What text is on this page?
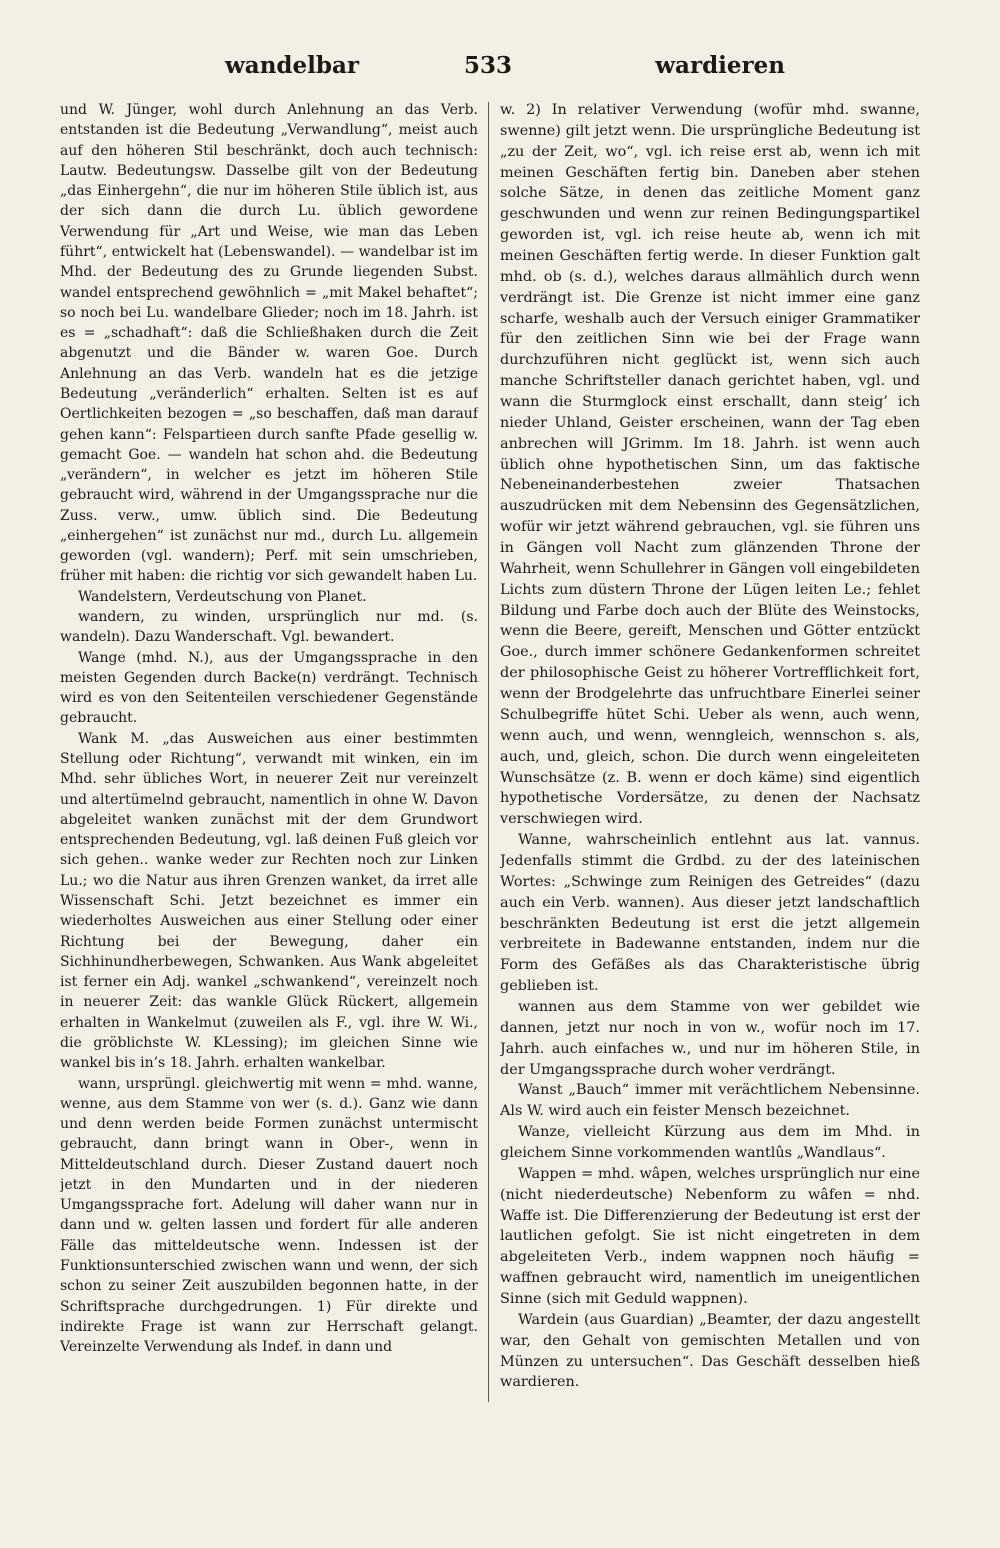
wandelbar	533	wardieren

und W. Jünger, wohl durch Anlehnung an das Verb. entstanden ist die Bedeutung „Verwandlung“, meist auch auf den höheren Stil beschränkt, doch auch technisch: Lautw. Bedeutungsw. Dasselbe gilt von der Bedeutung „das Einhergehn“, die nur im höheren Stile üblich ist, aus der sich dann die durch Lu. üblich gewordene Verwendung für „Art und Weise, wie man das Leben führt“, entwickelt hat (Lebenswandel). — wandelbar ist im Mhd. der Bedeutung des zu Grunde liegenden Subst. wandel entsprechend gewöhnlich = „mit Makel behaftet“; so noch bei Lu. wandelbare Glieder; noch im 18. Jahrh. ist es = „schadhaft“: daß die Schließhaken durch die Zeit abgenutzt und die Bänder w. waren Goe. Durch Anlehnung an das Verb. wandeln hat es die jetzige Bedeutung „veränderlich“ erhalten. Selten ist es auf Oertlichkeiten bezogen = „so beschaffen, daß man darauf gehen kann“: Felspartieen durch sanfte Pfade gesellig w. gemacht Goe. — wandeln hat schon ahd. die Bedeutung „verändern“, in welcher es jetzt im höheren Stile gebraucht wird, während in der Umgangssprache nur die Zuss. verw., umw. üblich sind. Die Bedeutung „einhergehen“ ist zunächst nur md., durch Lu. allgemein geworden (vgl. wandern); Perf. mit sein umschrieben, früher mit haben: die richtig vor sich gewandelt haben Lu.

Wandelstern, Verdeutschung von Planet.

wandern, zu winden, ursprünglich nur md. (s. wandeln). Dazu Wanderschaft. Vgl. bewandert.

Wange (mhd. N.), aus der Umgangssprache in den meisten Gegenden durch Backe(n) verdrängt. Technisch wird es von den Seitenteilen verschiedener Gegenstände gebraucht.

Wank M. „das Ausweichen aus einer bestimmten Stellung oder Richtung“, verwandt mit winken, ein im Mhd. sehr übliches Wort, in neuerer Zeit nur vereinzelt und altertümelnd gebraucht, namentlich in ohne W. Davon abgeleitet wanken zunächst mit der dem Grundwort entsprechenden Bedeutung, vgl. laß deinen Fuß gleich vor sich gehen.. wanke weder zur Rechten noch zur Linken Lu.; wo die Natur aus ihren Grenzen wanket, da irret alle Wissenschaft Schi. Jetzt bezeichnet es immer ein wiederholtes Ausweichen aus einer Stellung oder einer Richtung bei der Bewegung, daher ein Sichhinundherbewegen, Schwanken. Aus Wank abgeleitet ist ferner ein Adj. wankel „schwankend“, vereinzelt noch in neuerer Zeit: das wankle Glück Rückert, allgemein erhalten in Wankelmut (zuweilen als F., vgl. ihre W. Wi., die gröblichste W. KLessing); im gleichen Sinne wie wankel bis in’s 18. Jahrh. erhalten wankelbar.

wann, ursprüngl. gleichwertig mit wenn = mhd. wanne, wenne, aus dem Stamme von wer (s. d.). Ganz wie dann und denn werden beide Formen zunächst untermischt gebraucht, dann bringt wann in Ober-, wenn in Mitteldeutschland durch. Dieser Zustand dauert noch jetzt in den Mundarten und in der niederen Umgangssprache fort. Adelung will daher wann nur in dann und w. gelten lassen und fordert für alle anderen Fälle das mitteldeutsche wenn. Indessen ist der Funktionsunterschied zwischen wann und wenn, der sich schon zu seiner Zeit auszubilden begonnen hatte, in der Schriftsprache durchgedrungen. 1) Für direkte und indirekte Frage ist wann zur Herrschaft gelangt. Vereinzelte Verwendung als Indef. in dann und

w. 2) In relativer Verwendung (wofür mhd. swanne, swenne) gilt jetzt wenn. Die ursprüngliche Bedeutung ist „zu der Zeit, wo“, vgl. ich reise erst ab, wenn ich mit meinen Geschäften fertig bin. Daneben aber stehen solche Sätze, in denen das zeitliche Moment ganz geschwunden und wenn zur reinen Bedingungspartikel geworden ist, vgl. ich reise heute ab, wenn ich mit meinen Geschäften fertig werde. In dieser Funktion galt mhd. ob (s. d.), welches daraus allmählich durch wenn verdrängt ist. Die Grenze ist nicht immer eine ganz scharfe, weshalb auch der Versuch einiger Grammatiker für den zeitlichen Sinn wie bei der Frage wann durchzuführen nicht geglückt ist, wenn sich auch manche Schriftsteller danach gerichtet haben, vgl. und wann die Sturmglock einst erschallt, dann steig’ ich nieder Uhland, Geister erscheinen, wann der Tag eben anbrechen will JGrimm. Im 18. Jahrh. ist wenn auch üblich ohne hypothetischen Sinn, um das faktische Nebeneinanderbestehen zweier Thatsachen auszudrücken mit dem Nebensinn des Gegensätzlichen, wofür wir jetzt während gebrauchen, vgl. sie führen uns in Gängen voll Nacht zum glänzenden Throne der Wahrheit, wenn Schullehrer in Gängen voll eingebildeten Lichts zum düstern Throne der Lügen leiten Le.; fehlet Bildung und Farbe doch auch der Blüte des Weinstocks, wenn die Beere, gereift, Menschen und Götter entzückt Goe., durch immer schönere Gedankenformen schreitet der philosophische Geist zu höherer Vortrefflichkeit fort, wenn der Brodgelehrte das unfruchtbare Einerlei seiner Schulbegriffe hütet Schi. Ueber als wenn, auch wenn, wenn auch, und wenn, wenngleich, wennschon s. als, auch, und, gleich, schon. Die durch wenn eingeleiteten Wunschsätze (z. B. wenn er doch käme) sind eigentlich hypothetische Vordersätze, zu denen der Nachsatz verschwiegen wird.

Wanne, wahrscheinlich entlehnt aus lat. vannus. Jedenfalls stimmt die Grdbd. zu der des lateinischen Wortes: „Schwinge zum Reinigen des Getreides“ (dazu auch ein Verb. wannen). Aus dieser jetzt landschaftlich beschränkten Bedeutung ist erst die jetzt allgemein verbreitete in Badewanne entstanden, indem nur die Form des Gefäßes als das Charakteristische übrig geblieben ist.

wannen aus dem Stamme von wer gebildet wie dannen, jetzt nur noch in von w., wofür noch im 17. Jahrh. auch einfaches w., und nur im höheren Stile, in der Umgangssprache durch woher verdrängt.

Wanst „Bauch“ immer mit verächtlichem Nebensinne. Als W. wird auch ein feister Mensch bezeichnet.

Wanze, vielleicht Kürzung aus dem im Mhd. in gleichem Sinne vorkommenden wantlûs „Wandlaus“.

Wappen = mhd. wâpen, welches ursprünglich nur eine (nicht niederdeutsche) Nebenform zu wâfen = nhd. Waffe ist. Die Differenzierung der Bedeutung ist erst der lautlichen gefolgt. Sie ist nicht eingetreten in dem abgeleiteten Verb., indem wappnen noch häufig = waffnen gebraucht wird, namentlich im uneigentlichen Sinne (sich mit Geduld wappnen).

Wardein (aus Guardian) „Beamter, der dazu angestellt war, den Gehalt von gemischten Metallen und von Münzen zu untersuchen“. Das Geschäft desselben hieß wardieren.
